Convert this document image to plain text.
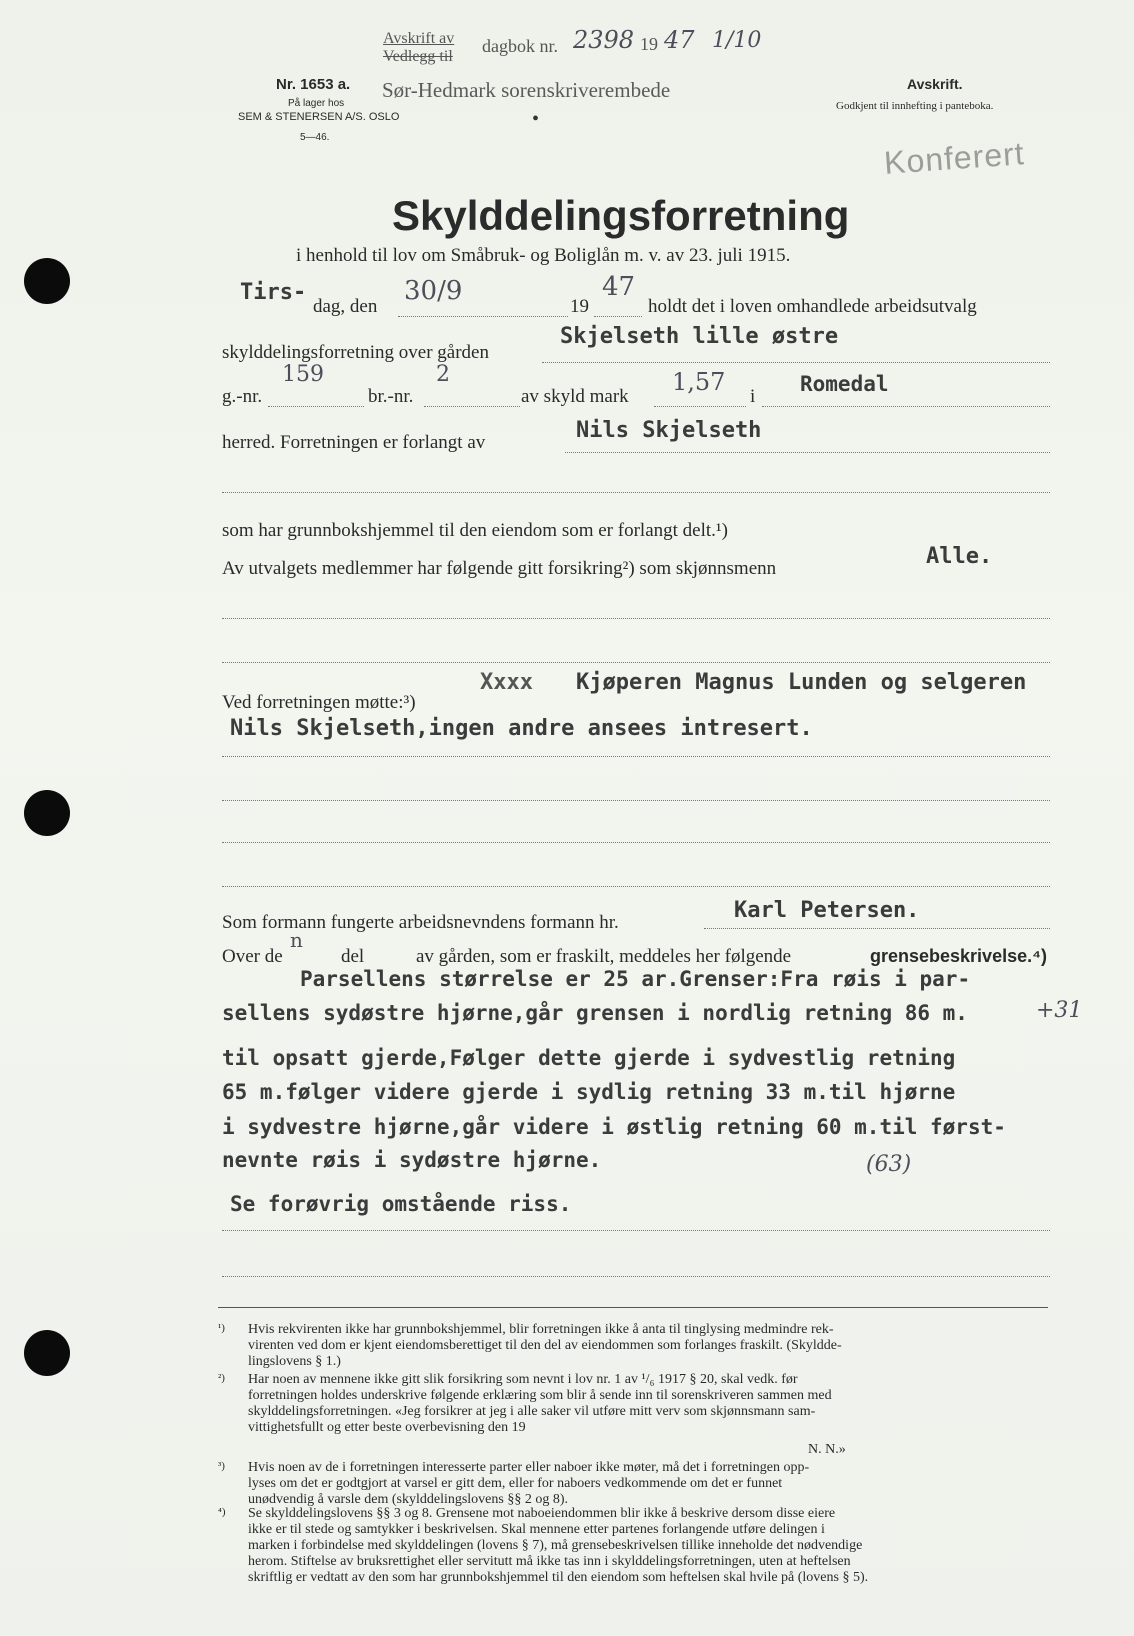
Avskrift av
Vedlegg til
dagbok nr. 2398 19 47 1/10
Sør-Hedmark sorenskriverembede
•
Nr. 1653 a.
På lager hos
SEM & STENERSEN A/S. OSLO
5—46.
Avskrift.
Godkjent til innhefting i panteboka.
Konferert
Skylddelingsforretning
i henhold til lov om Småbruk- og Boliglån m. v. av 23. juli 1915.
Tirs-
dag, den
30/9
19
47
holdt det i loven omhandlede arbeidsutvalg
skylddelingsforretning over gården
Skjelseth lille østre
g.-nr.
159
br.-nr.
2
av skyld mark
1,57
i
Romedal
herred. Forretningen er forlangt av	Nils Skjelseth
som har grunnbokshjemmel til den eiendom som er forlangt delt.¹)
Av utvalgets medlemmer har følgende gitt forsikring²) som skjønnsmenn	Alle.
Xxxx Kjøperen Magnus Lunden og selgeren
Ved forretningen møtte:³)
Nils Skjelseth,ingen andre ansees intresert.
Karl Petersen.
Som formann fungerte arbeidsnevndens formann hr.
n
Over de	del	av gården, som er fraskilt, meddeles her følgende	grensebeskrivelse.⁴)
Parsellens størrelse er 25 ar.Grenser:Fra røis i par-
sellens sydøstre hjørne,går grensen i nordlig retning 86 m.	+31
til opsatt gjerde,Følger dette gjerde i sydvestlig retning
65 m.følger videre gjerde i sydlig retning 33 m.til hjørne
i sydvestre hjørne,går videre i østlig retning 60 m.til først-
nevnte røis i sydøstre hjørne.	(63)
Se forøvrig omstående riss.
¹) Hvis rekvirenten ikke har grunnbokshjemmel, blir forretningen ikke å anta til tinglysing medmindre rek-
virenten ved dom er kjent eiendomsberettiget til den del av eiendommen som forlanges fraskilt. (Skyldde-
lingslovens § 1.)
²) Har noen av mennene ikke gitt slik forsikring som nevnt i lov nr. 1 av ¹/₆ 1917 § 20, skal vedk. før
forretningen holdes underskrive følgende erklæring som blir å sende inn til sorenskriveren sammen med
skylddelingsforretningen. «Jeg forsikrer at jeg i alle saker vil utføre mitt verv som skjønnsmann sam-
vittighetsfullt og etter beste overbevisning den 19
N. N.»
³) Hvis noen av de i forretningen interesserte parter eller naboer ikke møter, må det i forretningen opp-
lyses om det er godtgjort at varsel er gitt dem, eller for naboers vedkommende om det er funnet
unødvendig å varsle dem (skylddelingslovens §§ 2 og 8).
⁴) Se skylddelingslovens §§ 3 og 8. Grensene mot naboeiendommen blir ikke å beskrive dersom disse eiere
ikke er til stede og samtykker i beskrivelsen. Skal mennene etter partenes forlangende utføre delingen i
marken i forbindelse med skylddelingen (lovens § 7), må grensebeskrivelsen tillike inneholde det nødvendige
herom. Stiftelse av bruksrettighet eller servitutt må ikke tas inn i skylddelingsforretningen, uten at heftelsen
skriftlig er vedtatt av den som har grunnbokshjemmel til den eiendom som heftelsen skal hvile på (lovens § 5).
